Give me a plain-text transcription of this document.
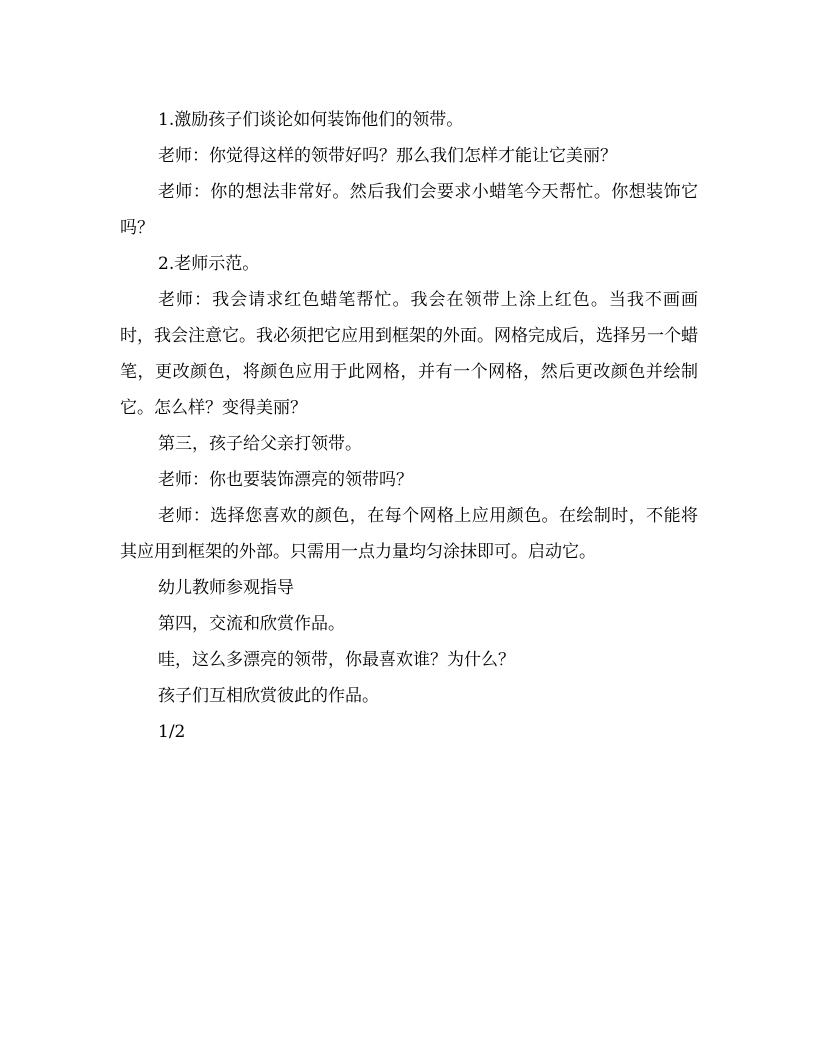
1.激励孩子们谈论如何装饰他们的领带。

老师：你觉得这样的领带好吗？那么我们怎样才能让它美丽？

老师：你的想法非常好。然后我们会要求小蜡笔今天帮忙。你想装饰它吗？

2.老师示范。

老师：我会请求红色蜡笔帮忙。我会在领带上涂上红色。当我不画画时，我会注意它。我必须把它应用到框架的外面。网格完成后，选择另一个蜡笔，更改颜色，将颜色应用于此网格，并有一个网格，然后更改颜色并绘制它。怎么样？变得美丽？

第三，孩子给父亲打领带。

老师：你也要装饰漂亮的领带吗？

老师：选择您喜欢的颜色，在每个网格上应用颜色。在绘制时，不能将其应用到框架的外部。只需用一点力量均匀涂抹即可。启动它。

幼儿教师参观指导

第四，交流和欣赏作品。

哇，这么多漂亮的领带，你最喜欢谁？为什么？

孩子们互相欣赏彼此的作品。

1/2
